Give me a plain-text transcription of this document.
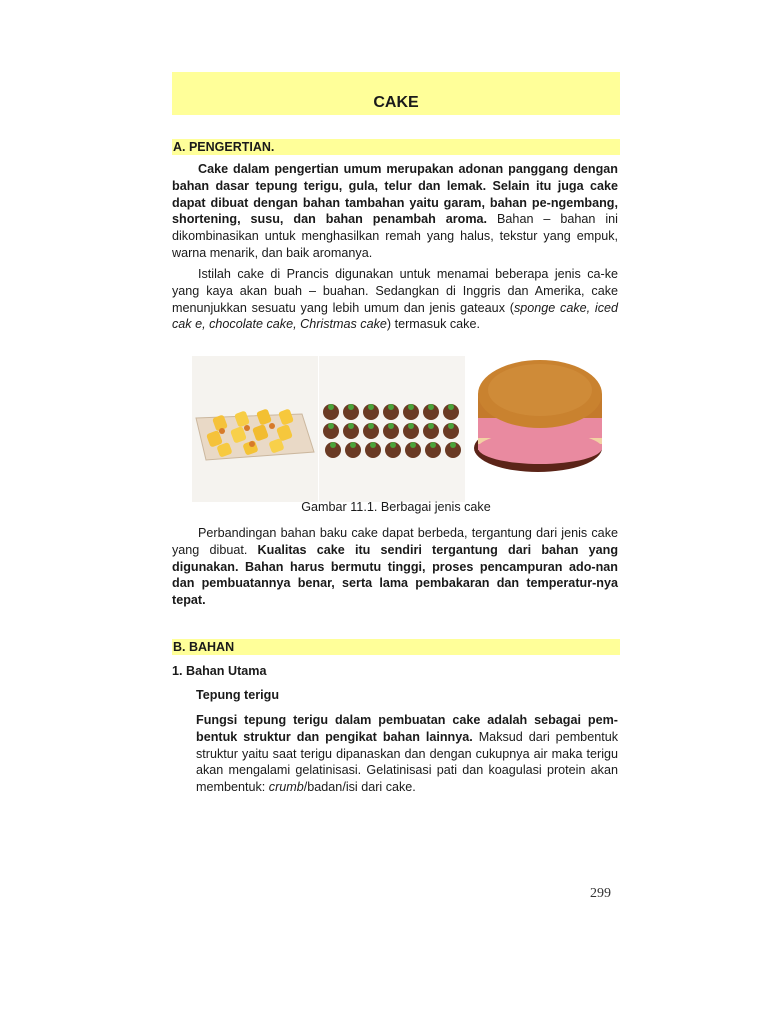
CAKE
A. PENGERTIAN.

Cake dalam pengertian umum merupakan adonan panggang dengan bahan dasar tepung terigu, gula, telur dan lemak. Selain itu juga cake dapat dibuat dengan bahan tambahan yaitu garam, bahan pe-ngembang, shortening, susu, dan bahan penambah aroma. Bahan – bahan ini dikombinasikan untuk menghasilkan remah yang halus, tekstur yang empuk, warna menarik, dan baik aromanya.

Istilah cake di Prancis digunakan untuk menamai beberapa jenis ca-ke yang kaya akan buah – buahan. Sedangkan di Inggris dan Amerika, cake menunjukkan sesuatu yang lebih umum dan jenis gateaux (sponge cake, iced cak e, chocolate cake, Christmas cake) termasuk cake.

Gambar 11.1. Berbagai jenis cake

Perbandingan bahan baku cake dapat berbeda, tergantung dari jenis cake yang dibuat. Kualitas cake itu sendiri tergantung dari bahan yang digunakan. Bahan harus bermutu tinggi, proses pencampuran ado-nan dan pembuatannya benar, serta lama pembakaran dan temperatur-nya tepat.

B. BAHAN
1. Bahan Utama
Tepung terigu

Fungsi tepung terigu dalam pembuatan cake adalah sebagai pem-bentuk struktur dan pengikat bahan lainnya. Maksud dari pembentuk struktur yaitu saat terigu dipanaskan dan dengan cukupnya air maka terigu akan mengalami gelatinisasi. Gelatinisasi pati dan koagulasi protein akan membentuk: crumb/badan/isi dari cake.

299
